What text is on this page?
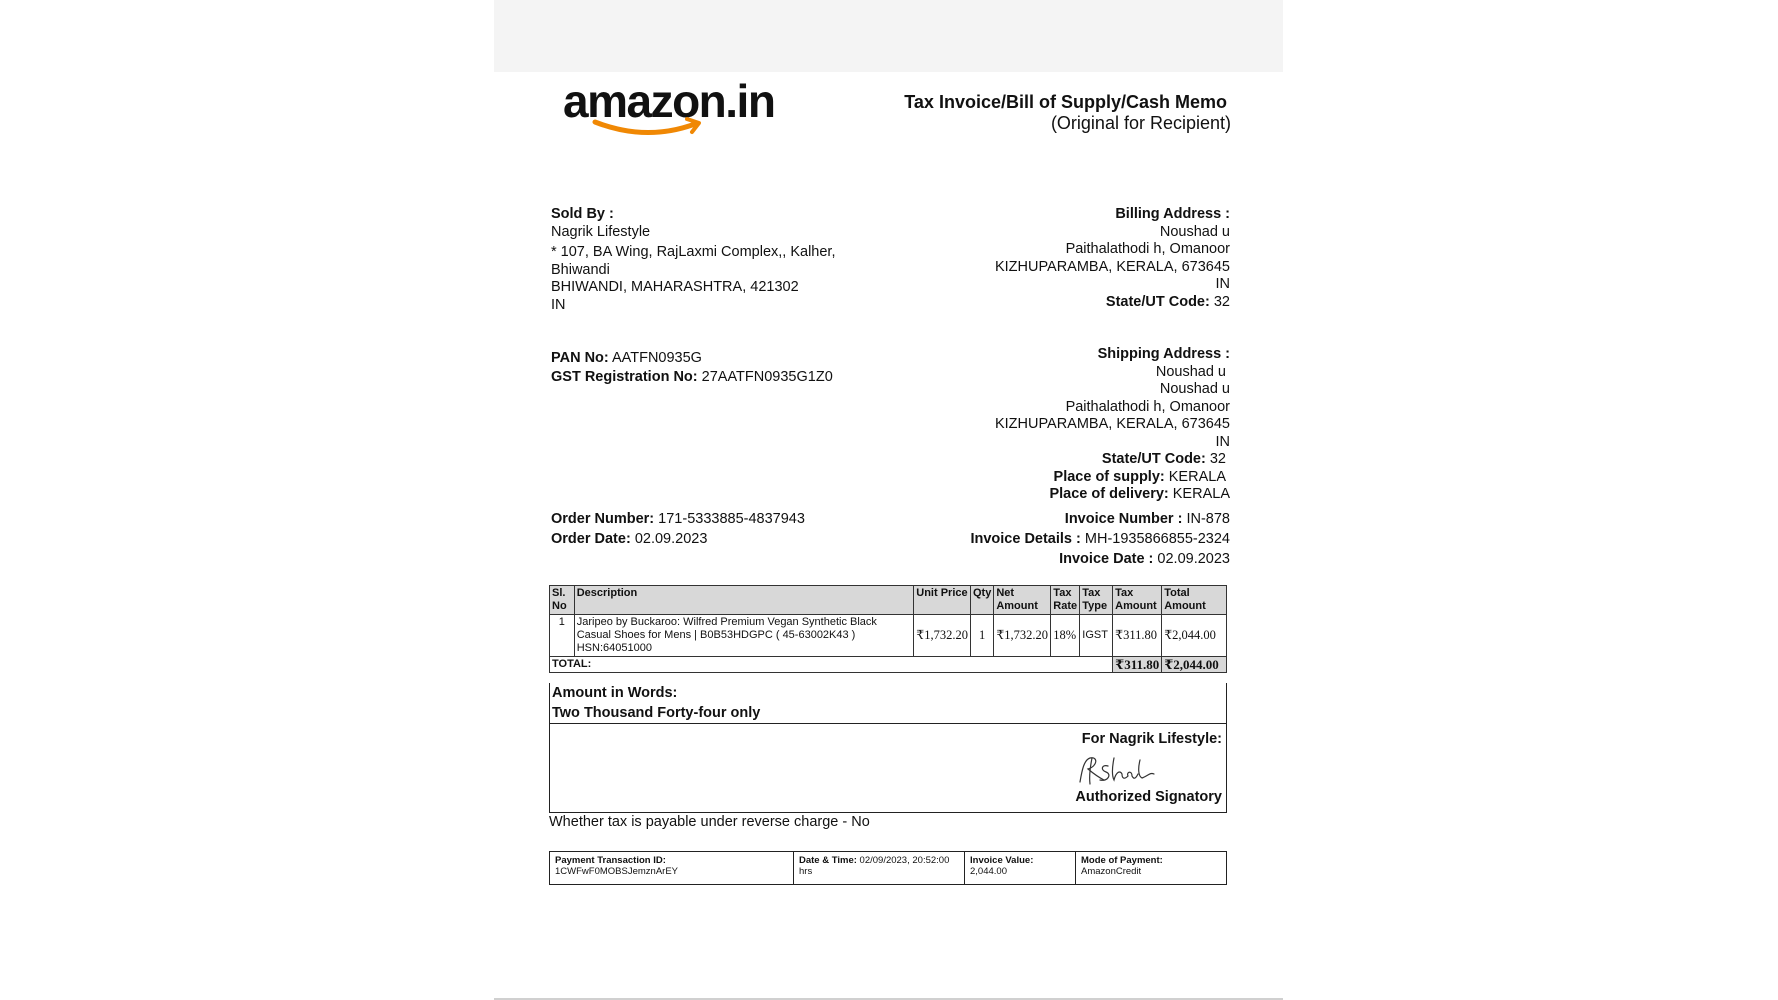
amazon.in	Tax Invoice/Bill of Supply/Cash Memo
(Original for Recipient)
Sold By :
Nagrik Lifestyle
* 107, BA Wing, RajLaxmi Complex,, Kalher,
Bhiwandi
BHIWANDI, MAHARASHTRA, 421302
IN
PAN No: AATFN0935G
GST Registration No: 27AATFN0935G1Z0
Billing Address :
Noushad u
Paithalathodi h, Omanoor
KIZHUPARAMBA, KERALA, 673645
IN
State/UT Code: 32
Shipping Address :
Noushad u
Noushad u
Paithalathodi h, Omanoor
KIZHUPARAMBA, KERALA, 673645
IN
State/UT Code: 32
Place of supply: KERALA
Place of delivery: KERALA
Order Number: 171-5333885-4837943
Order Date: 02.09.2023
Invoice Number : IN-878
Invoice Details : MH-1935866855-2324
Invoice Date : 02.09.2023
Sl. No	Description	Unit Price	Qty	Net Amount	Tax Rate	Tax Type	Tax Amount	Total Amount
1	Jaripeo by Buckaroo: Wilfred Premium Vegan Synthetic Black
Casual Shoes for Mens | B0B53HDGPC ( 45-63002K43 )
HSN:64051000	₹1,732.20	1	₹1,732.20	18%	IGST	₹311.80	₹2,044.00
TOTAL:							₹311.80	₹2,044.00
Amount in Words:
Two Thousand Forty-four only
For Nagrik Lifestyle:
Authorized Signatory
Whether tax is payable under reverse charge - No
Payment Transaction ID:
1CWFwF0MOBSJemznArEY

Date & Time: 02/09/2023, 20:52:00
hrs

Invoice Value:
2,044.00

Mode of Payment:
AmazonCredit
